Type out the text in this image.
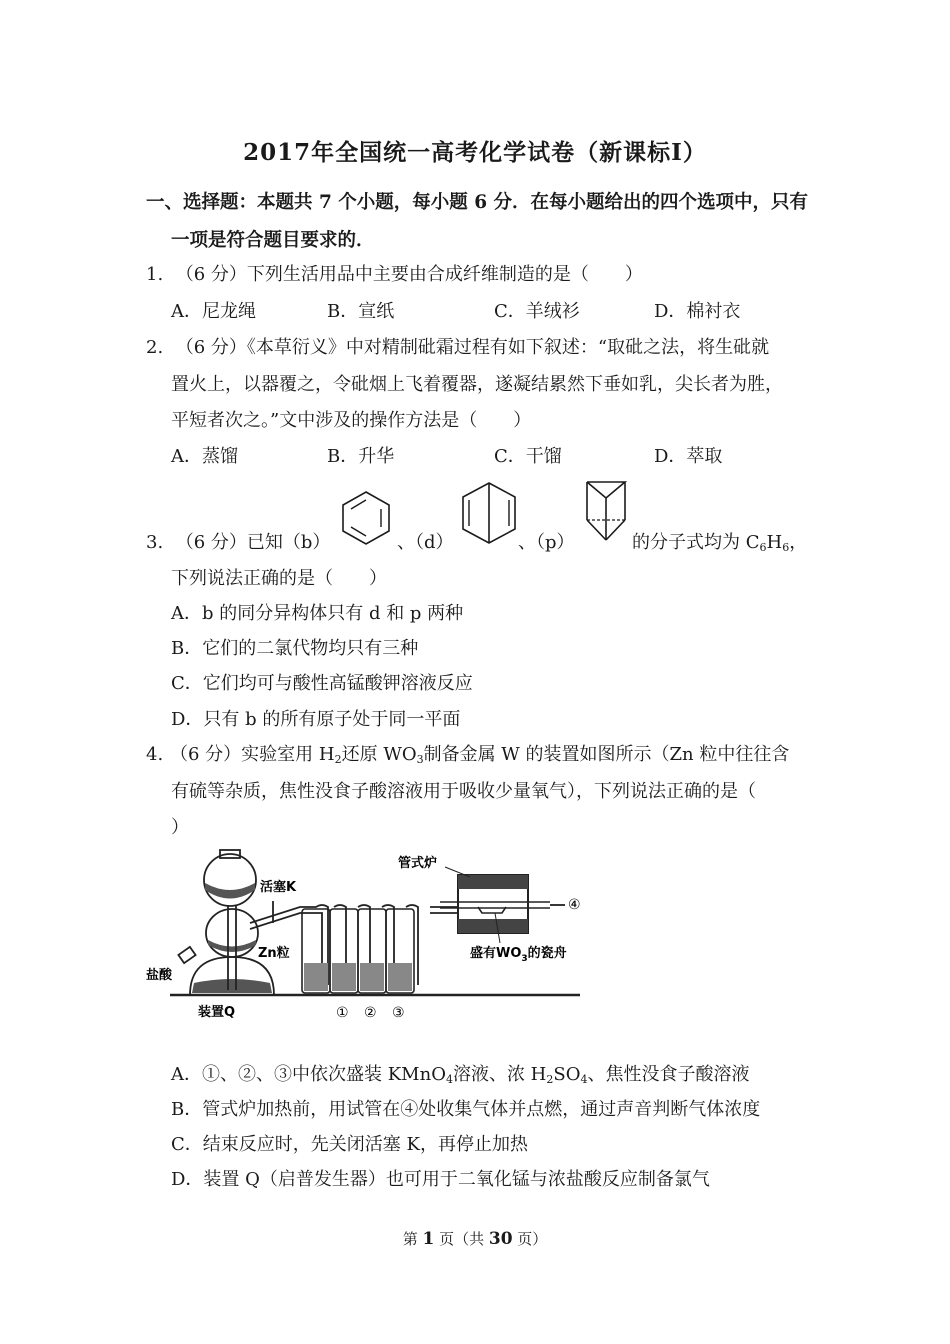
2017年全国统一高考化学试卷（新课标Ⅰ）
一、选择题：本题共 7 个小题，每小题 6 分．在每小题给出的四个选项中，只有
一项是符合题目要求的．
1. （6 分）下列生活用品中主要由合成纤维制造的是（　　）
A．尼龙绳	B．宣纸	C．羊绒衫	D．棉衬衣
2. （6 分）《本草衍义》中对精制砒霜过程有如下叙述：“取砒之法，将生砒就
置火上，以器覆之，令砒烟上飞着覆器，遂凝结累然下垂如乳，尖长者为胜，
平短者次之。”文中涉及的操作方法是（　　）
A．蒸馏	B．升华	C．干馏	D．萃取
3. （6 分）已知（b）	、（d）	、（p）	的分子式均为 $C_6H_6$，
下列说法正确的是（　　）
A．b 的同分异构体只有 d 和 p 两种
B．它们的二氯代物均只有三种
C．它们均可与酸性高锰酸钾溶液反应
D．只有 b 的所有原子处于同一平面
4. （6 分）实验室用 $H_2$还原 $WO_3$制备金属 W 的装置如图所示（Zn 粒中往往含
有硫等杂质，焦性没食子酸溶液用于吸收少量氧气），下列说法正确的是（
）
管式炉
活塞K
Zn粒
盐酸
装置Q
盛有$WO_3$的瓷舟
① ② ③
④
A．①、②、③中依次盛装 KMnO$_4$溶液、浓 $H_2SO_4$、焦性没食子酸溶液
B．管式炉加热前，用试管在④处收集气体并点燃，通过声音判断气体浓度
C．结束反应时，先关闭活塞 K，再停止加热
D．装置 Q（启普发生器）也可用于二氧化锰与浓盐酸反应制备氯气
第 1 页（共 30 页）
